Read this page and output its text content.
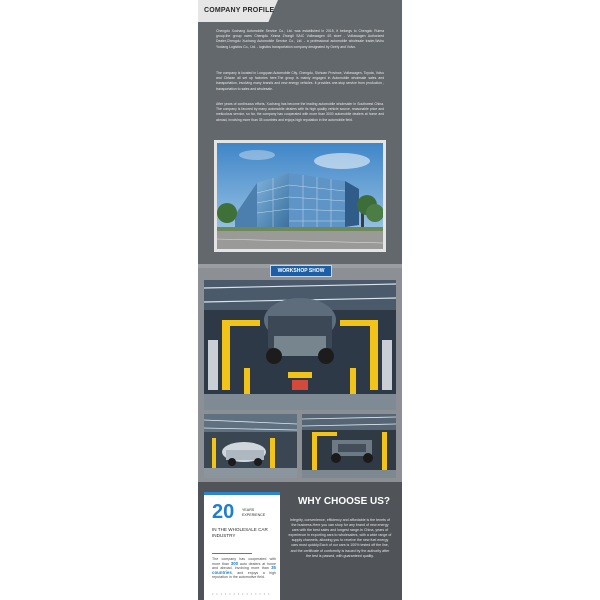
COMPANY PROFILE
Chengdu Xuchang Automobile Service Co., Ltd. was established in 2015, it belongs to Chengdu Ruima group,the group owns Chengdu Xinma Zhongli SAIC Volkswagen 4S store - Volkswagen Authorized Dealer,Chengdu Xuchang Automobile Service Co., Ltd. - a professional automobile wholesale trader,Wuhu Yuxiang Logistics Co., Ltd. - logistics transportation company designated by Geely and Volvo.
The company is located in Longquan Automobile City, Chengdu, Sichuan Province, Volkswagen, Toyota, Volvo and Chiwan all set up factories here.The group is mainly engaged in Automobile wholesale sales and transportation, involving many brands and new energy vehicles. It provides one-stop service from production , transportation to sales and wholesale.
After years of continuous efforts, Xuchang has become the leading automobile wholesaler in Southwest China. The company is favored by many automobile dealers with its high quality vehicle source, reasonable price and meticulous service, so far, the company has cooperated with more than 3000 automobile dealers at home and abroad, involving more than 35 countries and enjoys high reputation in the automobile field.
WORKSHOP SHOW
20 YEARS
EXPERIENCE
IN THE WHOLESALE CAR INDUSTRY
The company has cooperated with more than 300 auto dealers at home and abroad, involving more than 35 countries, and enjoys a high reputation in the automotive field.
• • • • • • • • • • • • • •
WHY CHOOSE US?
Integrity, convenience, efficiency and affordable is the tenets of the business.Here you can shop for any brand of new energy cars with the best sales and longest range.In China, years of experience in exporting cars to wholesalers, with a wide range of supply channels, allowing you to receive the new fuel energy cars most quickly.Each of our cars is 100% tested off the line, and the certificate of conformity is issued by the authority after the test is passed, with guaranteed quality.
